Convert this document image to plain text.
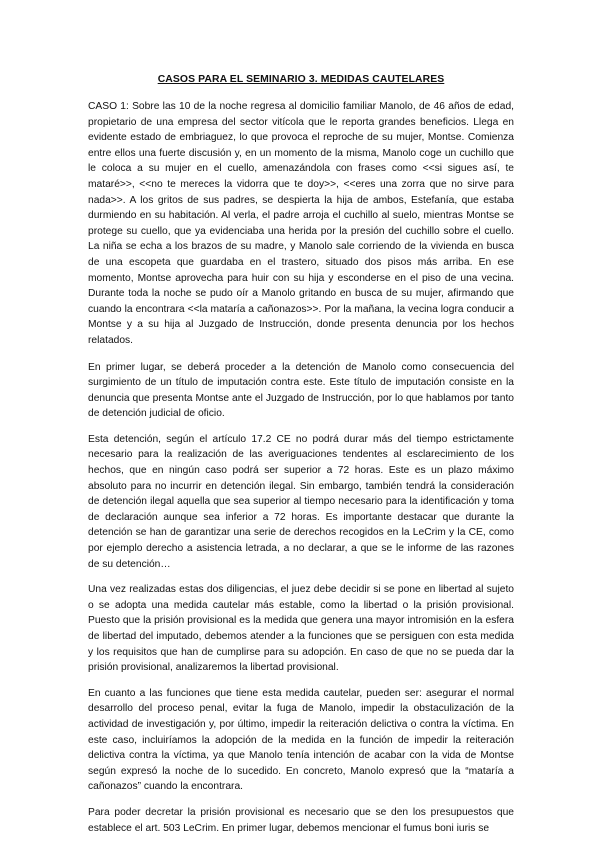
CASOS PARA EL SEMINARIO 3. MEDIDAS CAUTELARES

CASO 1: Sobre las 10 de la noche regresa al domicilio familiar Manolo, de 46 años de edad, propietario de una empresa del sector vitícola que le reporta grandes beneficios. Llega en evidente estado de embriaguez, lo que provoca el reproche de su mujer, Montse. Comienza entre ellos una fuerte discusión y, en un momento de la misma, Manolo coge un cuchillo que le coloca a su mujer en el cuello, amenazándola con frases como <<si sigues así, te mataré>>, <<no te mereces la vidorra que te doy>>, <<eres una zorra que no sirve para nada>>. A los gritos de sus padres, se despierta la hija de ambos, Estefanía, que estaba durmiendo en su habitación. Al verla, el padre arroja el cuchillo al suelo, mientras Montse se protege su cuello, que ya evidenciaba una herida por la presión del cuchillo sobre el cuello. La niña se echa a los brazos de su madre, y Manolo sale corriendo de la vivienda en busca de una escopeta que guardaba en el trastero, situado dos pisos más arriba. En ese momento, Montse aprovecha para huir con su hija y esconderse en el piso de una vecina. Durante toda la noche se pudo oír a Manolo gritando en busca de su mujer, afirmando que cuando la encontrara <<la mataría a cañonazos>>. Por la mañana, la vecina logra conducir a Montse y a su hija al Juzgado de Instrucción, donde presenta denuncia por los hechos relatados.

En primer lugar, se deberá proceder a la detención de Manolo como consecuencia del surgimiento de un título de imputación contra este. Este título de imputación consiste en la denuncia que presenta Montse ante el Juzgado de Instrucción, por lo que hablamos por tanto de detención judicial de oficio.

Esta detención, según el artículo 17.2 CE no podrá durar más del tiempo estrictamente necesario para la realización de las averiguaciones tendentes al esclarecimiento de los hechos, que en ningún caso podrá ser superior a 72 horas. Este es un plazo máximo absoluto para no incurrir en detención ilegal. Sin embargo, también tendrá la consideración de detención ilegal aquella que sea superior al tiempo necesario para la identificación y toma de declaración aunque sea inferior a 72 horas. Es importante destacar que durante la detención se han de garantizar una serie de derechos recogidos en la LeCrim y la CE, como por ejemplo derecho a asistencia letrada, a no declarar, a que se le informe de las razones de su detención…

Una vez realizadas estas dos diligencias, el juez debe decidir si se pone en libertad al sujeto o se adopta una medida cautelar más estable, como la libertad o la prisión provisional. Puesto que la prisión provisional es la medida que genera una mayor intromisión en la esfera de libertad del imputado, debemos atender a la funciones que se persiguen con esta medida y los requisitos que han de cumplirse para su adopción. En caso de que no se pueda dar la prisión provisional, analizaremos la libertad provisional.

En cuanto a las funciones que tiene esta medida cautelar, pueden ser: asegurar el normal desarrollo del proceso penal, evitar la fuga de Manolo, impedir la obstaculización de la actividad de investigación y, por último, impedir la reiteración delictiva o contra la víctima. En este caso, incluiríamos la adopción de la medida en la función de impedir la reiteración delictiva contra la víctima, ya que Manolo tenía intención de acabar con la vida de Montse según expresó la noche de lo sucedido. En concreto, Manolo expresó que la “mataría a cañonazos” cuando la encontrara.

Para poder decretar la prisión provisional es necesario que se den los presupuestos que establece el art. 503 LeCrim. En primer lugar, debemos mencionar el fumus boni iuris se
